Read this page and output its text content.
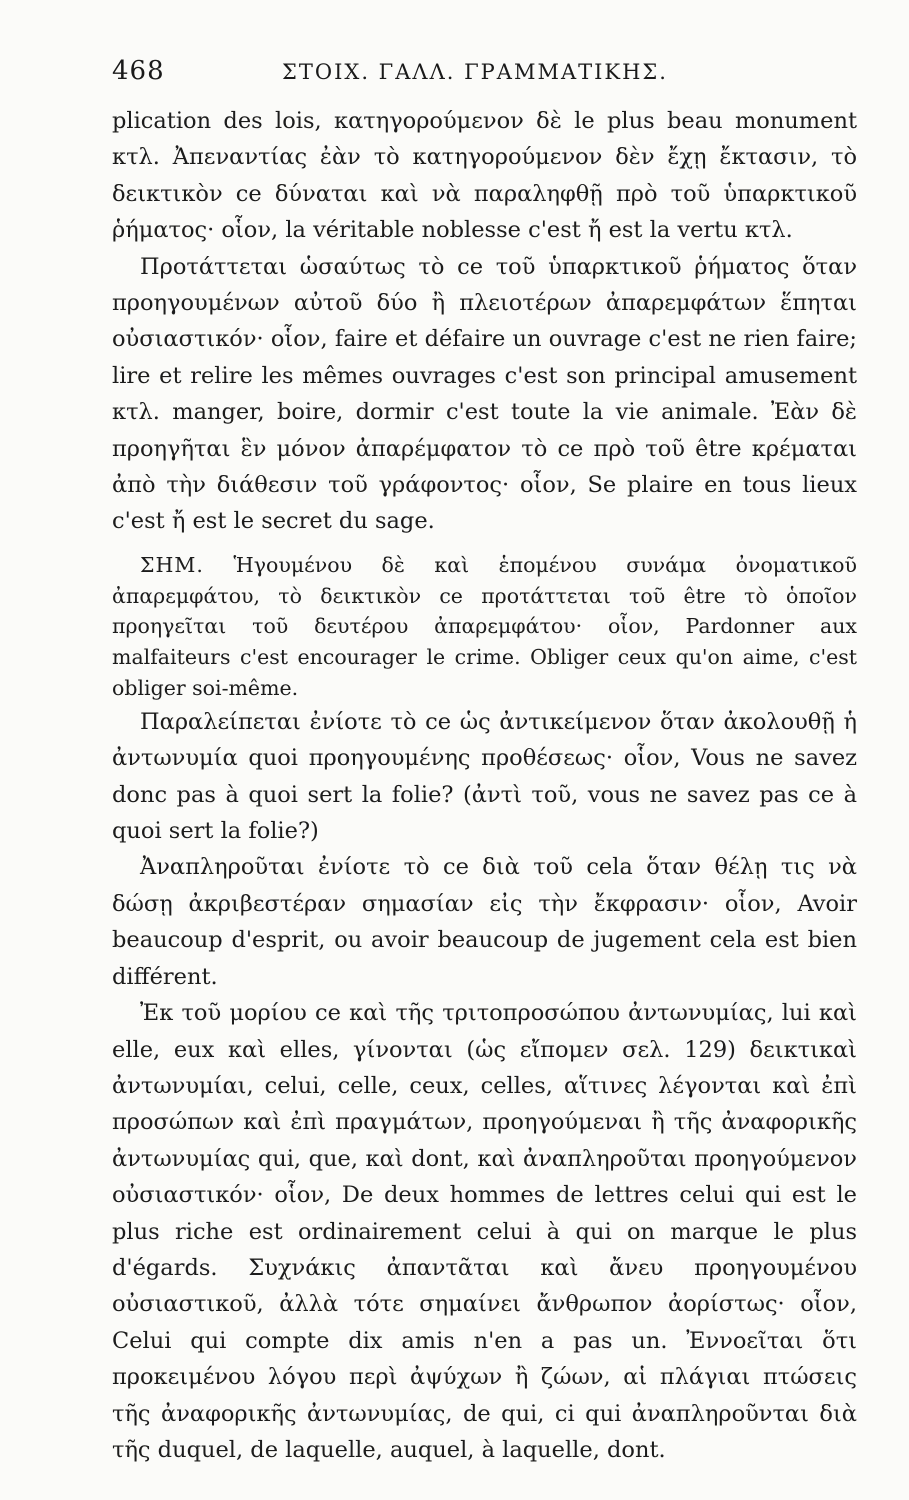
468	ΣΤΟΙΧ. ΓΑΛΛ. ΓΡΑΜΜΑΤΙΚΗΣ.

plication des lois, κατηγορούμενον δὲ le plus beau monument κτλ. Ἀπεναντίας ἐὰν τὸ κατηγορούμενον δὲν ἔχῃ ἔκτασιν, τὸ δεικτικὸν ce δύναται καὶ νὰ παραληφθῇ πρὸ τοῦ ὑπαρκτικοῦ ῥήματος· οἷον, la véritable noblesse c'est ἤ est la vertu κτλ.

Προτάττεται ὡσαύτως τὸ ce τοῦ ὑπαρκτικοῦ ῥήματος ὅταν προηγουμένων αὐτοῦ δύο ἢ πλειοτέρων ἀπαρεμφάτων ἕπηται οὐσιαστικόν· οἷον, faire et défaire un ouvrage c'est ne rien faire; lire et relire les mêmes ouvrages c'est son principal amusement κτλ. manger, boire, dormir c'est toute la vie animale. Ἐὰν δὲ προηγῆται ἓν μόνον ἀπαρέμφατον τὸ ce πρὸ τοῦ être κρέμαται ἀπὸ τὴν διάθεσιν τοῦ γράφοντος· οἷον, Se plaire en tous lieux c'est ἤ est le secret du sage.

ΣΗΜ. Ἡγουμένου δὲ καὶ ἑπομένου συνάμα ὀνοματικοῦ ἀπαρεμφάτου, τὸ δεικτικὸν ce προτάττεται τοῦ être τὸ ὁποῖον προηγεῖται τοῦ δευτέρου ἀπαρεμφάτου· οἷον, Pardonner aux malfaiteurs c'est encourager le crime. Obliger ceux qu'on aime, c'est obliger soi-même.

Παραλείπεται ἐνίοτε τὸ ce ὡς ἀντικείμενον ὅταν ἀκολουθῇ ἡ ἀντωνυμία quoi προηγουμένης προθέσεως· οἷον, Vous ne savez donc pas à quoi sert la folie? (ἀντὶ τοῦ, vous ne savez pas ce à quoi sert la folie?)

Ἀναπληροῦται ἐνίοτε τὸ ce διὰ τοῦ cela ὅταν θέλῃ τις νὰ δώσῃ ἀκριβεστέραν σημασίαν εἰς τὴν ἔκφρασιν· οἷον, Avoir beaucoup d'esprit, ou avoir beaucoup de jugement cela est bien différent.

Ἐκ τοῦ μορίου ce καὶ τῆς τριτοπροσώπου ἀντωνυμίας, lui καὶ elle, eux καὶ elles, γίνονται (ὡς εἴπομεν σελ. 129) δεικτικαὶ ἀντωνυμίαι, celui, celle, ceux, celles, αἵτινες λέγονται καὶ ἐπὶ προσώπων καὶ ἐπὶ πραγμάτων, προηγούμεναι ἢ τῆς ἀναφορικῆς ἀντωνυμίας qui, que, καὶ dont, καὶ ἀναπληροῦται προηγούμενον οὐσιαστικόν· οἷον, De deux hommes de lettres celui qui est le plus riche est ordinairement celui à qui on marque le plus d'égards. Συχνάκις ἀπαντᾶται καὶ ἄνευ προηγουμένου οὐσιαστικοῦ, ἀλλὰ τότε σημαίνει ἄνθρωπον ἀορίστως· οἷον, Celui qui compte dix amis n'en a pas un. Ἐννοεῖται ὅτι προκειμένου λόγου περὶ ἀψύχων ἢ ζώων, αἱ πλάγιαι πτώσεις τῆς ἀναφορικῆς ἀντωνυμίας, de qui, ci qui ἀναπληροῦνται διὰ τῆς duquel, de laquelle, auquel, à laquelle, dont.
